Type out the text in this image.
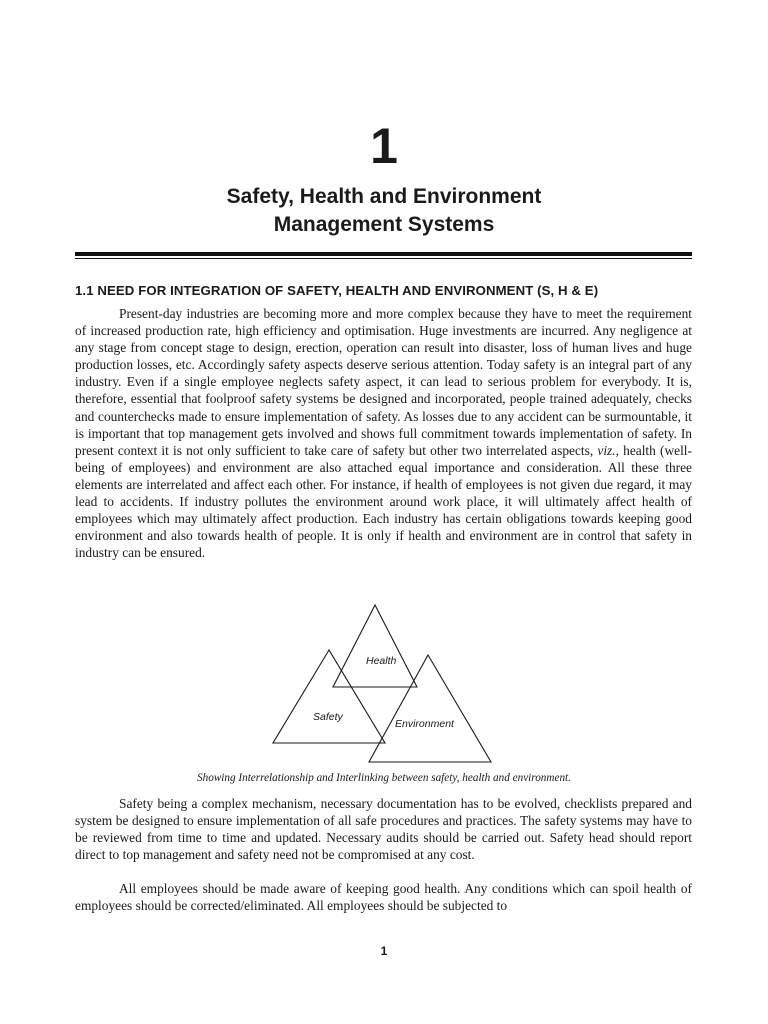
1
Safety, Health and Environment
Management Systems
1.1 NEED FOR INTEGRATION OF SAFETY, HEALTH AND ENVIRONMENT (S, H & E)

Present-day industries are becoming more and more complex because they have to meet the requirement of increased production rate, high efficiency and optimisation. Huge investments are incurred. Any negligence at any stage from concept stage to design, erection, operation can result into disaster, loss of human lives and huge production losses, etc. Accordingly safety aspects deserve serious attention. Today safety is an integral part of any industry. Even if a single employee neglects safety aspect, it can lead to serious problem for everybody. It is, therefore, essential that foolproof safety systems be designed and incorporated, people trained adequately, checks and counterchecks made to ensure implementation of safety. As losses due to any accident can be surmountable, it is important that top management gets involved and shows full commitment towards implementation of safety. In present context it is not only sufficient to take care of safety but other two interrelated aspects, viz., health (well-being of employees) and environment are also attached equal importance and consideration. All these three elements are interrelated and affect each other. For instance, if health of employees is not given due regard, it may lead to accidents. If industry pollutes the environment around work place, it will ultimately affect health of employees which may ultimately affect production. Each industry has certain obligations towards keeping good environment and also towards health of people. It is only if health and environment are in control that safety in industry can be ensured.

Health
Safety
Environment
Showing Interrelationship and Interlinking between safety, health and environment.

Safety being a complex mechanism, necessary documentation has to be evolved, checklists prepared and system be designed to ensure implementation of all safe procedures and practices. The safety systems may have to be reviewed from time to time and updated. Necessary audits should be carried out. Safety head should report direct to top management and safety need not be compromised at any cost.

All employees should be made aware of keeping good health. Any conditions which can spoil health of employees should be corrected/eliminated. All employees should be subjected to

1
